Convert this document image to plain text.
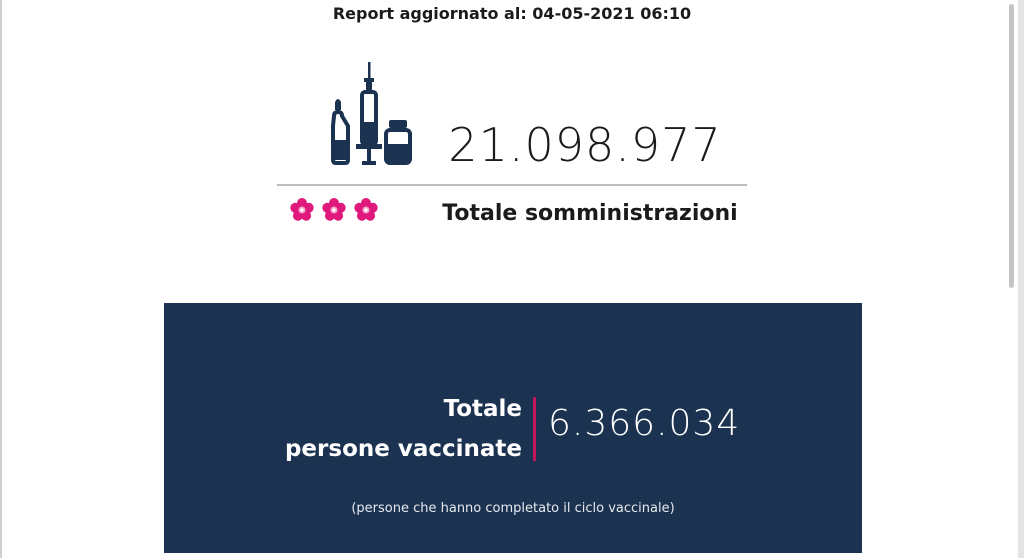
Report aggiornato al: 04-05-2021 06:10
21.098.977
Totale somministrazioni
Totale
persone vaccinate
6.366.034
(persone che hanno completato il ciclo vaccinale)
